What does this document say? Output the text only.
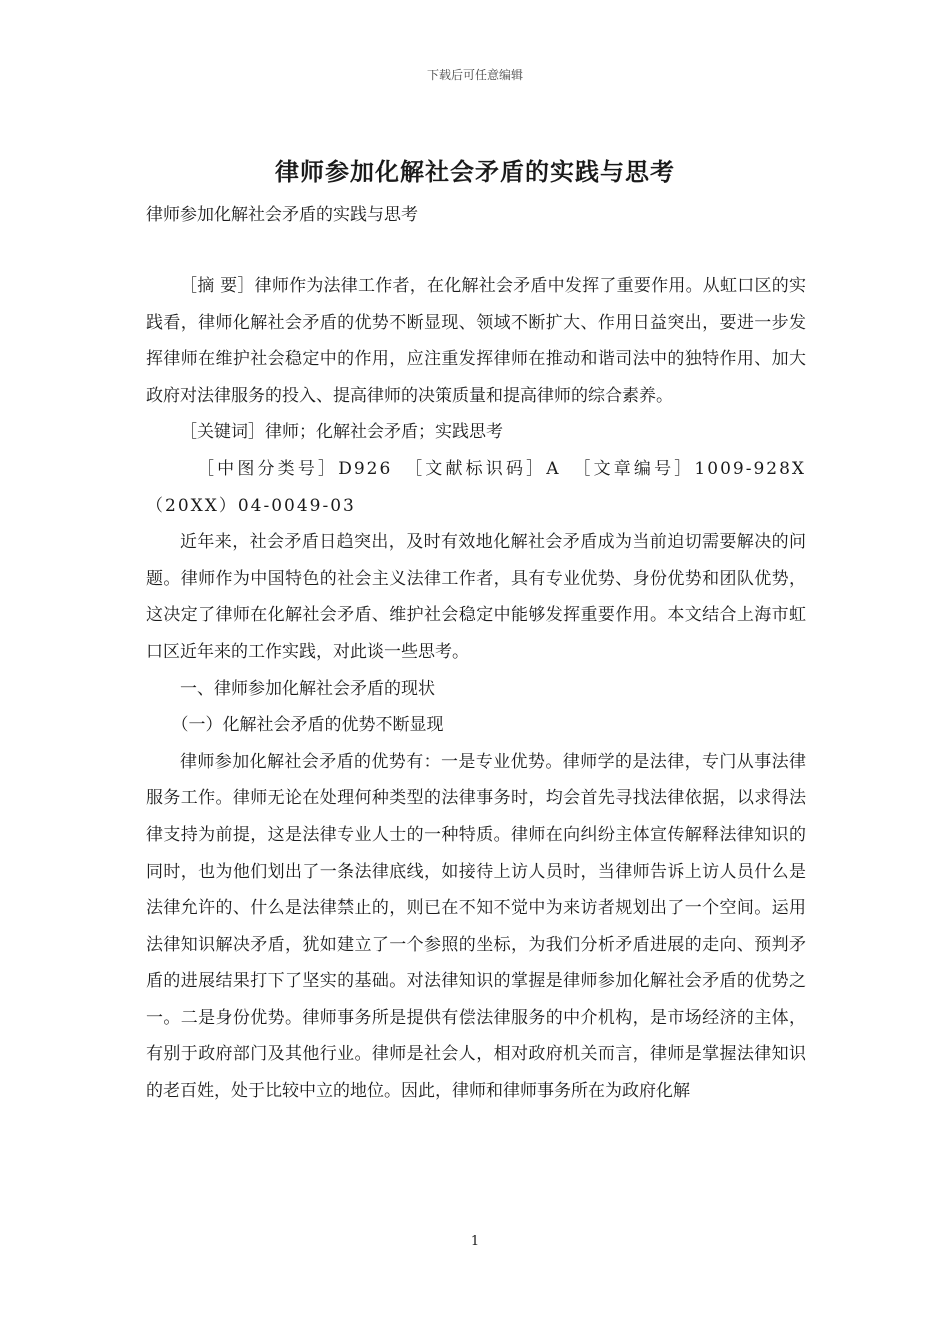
下载后可任意编辑
律师参加化解社会矛盾的实践与思考
律师参加化解社会矛盾的实践与思考

［摘 要］律师作为法律工作者，在化解社会矛盾中发挥了重要作用。从虹口区的实践看，律师化解社会矛盾的优势不断显现、领域不断扩大、作用日益突出，要进一步发挥律师在维护社会稳定中的作用，应注重发挥律师在推动和谐司法中的独特作用、加大政府对法律服务的投入、提高律师的决策质量和提高律师的综合素养。

［关键词］律师；化解社会矛盾；实践思考

［中图分类号］D926　［文献标识码］A　［文章编号］1009-928X（20XX）04-0049-03

近年来，社会矛盾日趋突出，及时有效地化解社会矛盾成为当前迫切需要解决的问题。律师作为中国特色的社会主义法律工作者，具有专业优势、身份优势和团队优势，这决定了律师在化解社会矛盾、维护社会稳定中能够发挥重要作用。本文结合上海市虹口区近年来的工作实践，对此谈一些思考。

一、律师参加化解社会矛盾的现状

（一）化解社会矛盾的优势不断显现

律师参加化解社会矛盾的优势有：一是专业优势。律师学的是法律，专门从事法律服务工作。律师无论在处理何种类型的法律事务时，均会首先寻找法律依据，以求得法律支持为前提，这是法律专业人士的一种特质。律师在向纠纷主体宣传解释法律知识的同时，也为他们划出了一条法律底线，如接待上访人员时，当律师告诉上访人员什么是法律允许的、什么是法律禁止的，则已在不知不觉中为来访者规划出了一个空间。运用法律知识解决矛盾，犹如建立了一个参照的坐标，为我们分析矛盾进展的走向、预判矛盾的进展结果打下了坚实的基础。对法律知识的掌握是律师参加化解社会矛盾的优势之一。二是身份优势。律师事务所是提供有偿法律服务的中介机构，是市场经济的主体，有别于政府部门及其他行业。律师是社会人，相对政府机关而言，律师是掌握法律知识的老百姓，处于比较中立的地位。因此，律师和律师事务所在为政府化解

1
